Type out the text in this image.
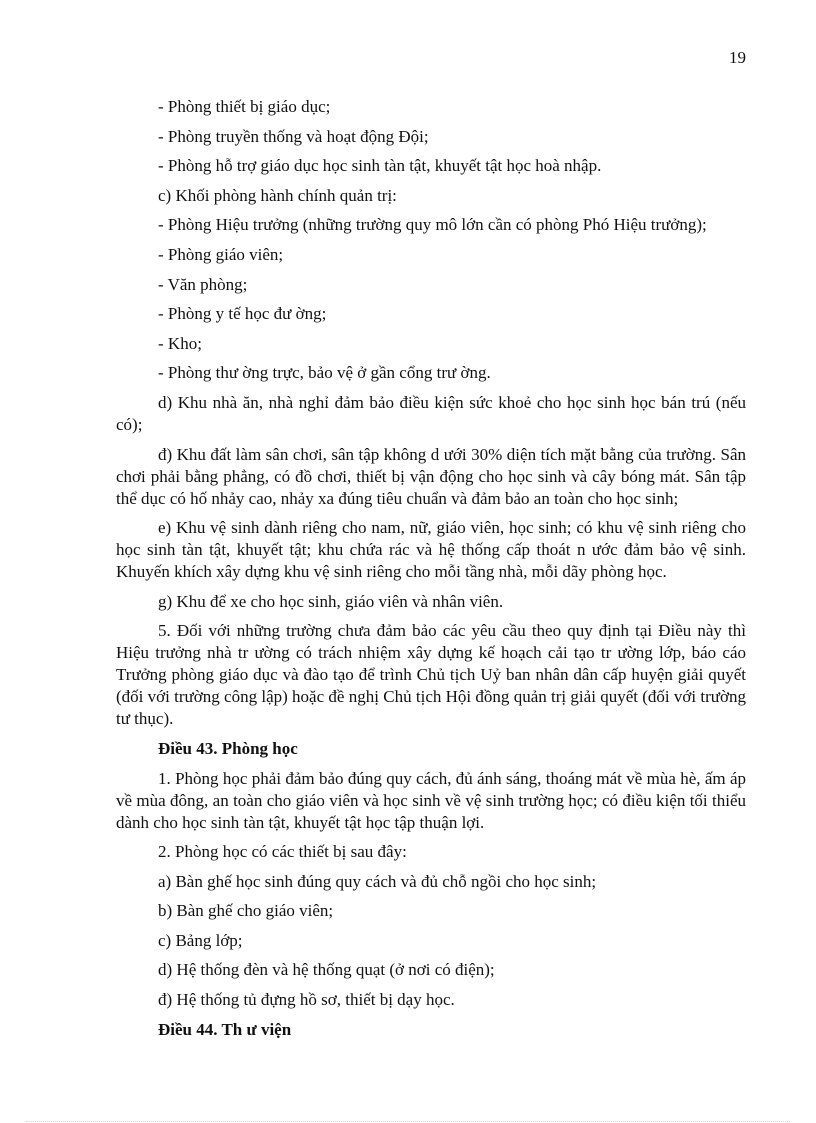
19

- Phòng thiết bị giáo dục;

- Phòng truyền thống và hoạt động Đội;

- Phòng hỗ trợ giáo dục học sinh tàn tật, khuyết tật học hoà nhập.

c) Khối phòng hành chính quản trị:

- Phòng Hiệu trưởng (những trường quy mô lớn cần có phòng Phó Hiệu trưởng);

- Phòng giáo viên;

- Văn phòng;

- Phòng y tế học đư ờng;

- Kho;

- Phòng thư ờng trực, bảo vệ ở gần cổng trư ờng.

d) Khu nhà ăn, nhà nghỉ đảm bảo điều kiện sức khoẻ cho học sinh học bán trú (nếu có);

đ) Khu đất làm sân chơi, sân tập không d ưới 30% diện tích mặt bằng của trường. Sân chơi phải bằng phẳng, có đồ chơi, thiết bị vận động cho học sinh và cây bóng mát. Sân tập thể dục có hố nhảy cao, nhảy xa đúng tiêu chuẩn và đảm bảo an toàn cho học sinh;

e) Khu vệ sinh dành riêng cho nam, nữ, giáo viên, học sinh; có khu vệ sinh riêng cho học sinh tàn tật, khuyết tật; khu chứa rác và hệ thống cấp thoát n ước đảm bảo vệ sinh. Khuyến khích xây dựng khu vệ sinh riêng cho mỗi tầng nhà, mỗi dãy phòng học.

g) Khu để xe cho học sinh, giáo viên và nhân viên.

5. Đối với những trường chưa đảm bảo các yêu cầu theo quy định tại Điều này thì Hiệu trưởng nhà tr ường có trách nhiệm xây dựng kế hoạch cải tạo tr ường lớp, báo cáo Trưởng phòng giáo dục và đào tạo để trình Chủ tịch Uỷ ban nhân dân cấp huyện giải quyết (đối với trường công lập) hoặc đề nghị Chủ tịch Hội đồng quản trị giải quyết (đối với trường tư thục).

Điều 43. Phòng học

1. Phòng học phải đảm bảo đúng quy cách, đủ ánh sáng, thoáng mát về mùa hè, ấm áp về mùa đông, an toàn cho giáo viên và học sinh về vệ sinh trường học; có điều kiện tối thiểu dành cho học sinh tàn tật, khuyết tật học tập thuận lợi.

2. Phòng học có các thiết bị sau đây:

a) Bàn ghế học sinh đúng quy cách và đủ chỗ ngồi cho học sinh;

b) Bàn ghế cho giáo viên;

c) Bảng lớp;

d) Hệ thống đèn và hệ thống quạt (ở nơi có điện);

đ) Hệ thống tủ đựng hồ sơ, thiết bị dạy học.

Điều 44. Th ư viện
